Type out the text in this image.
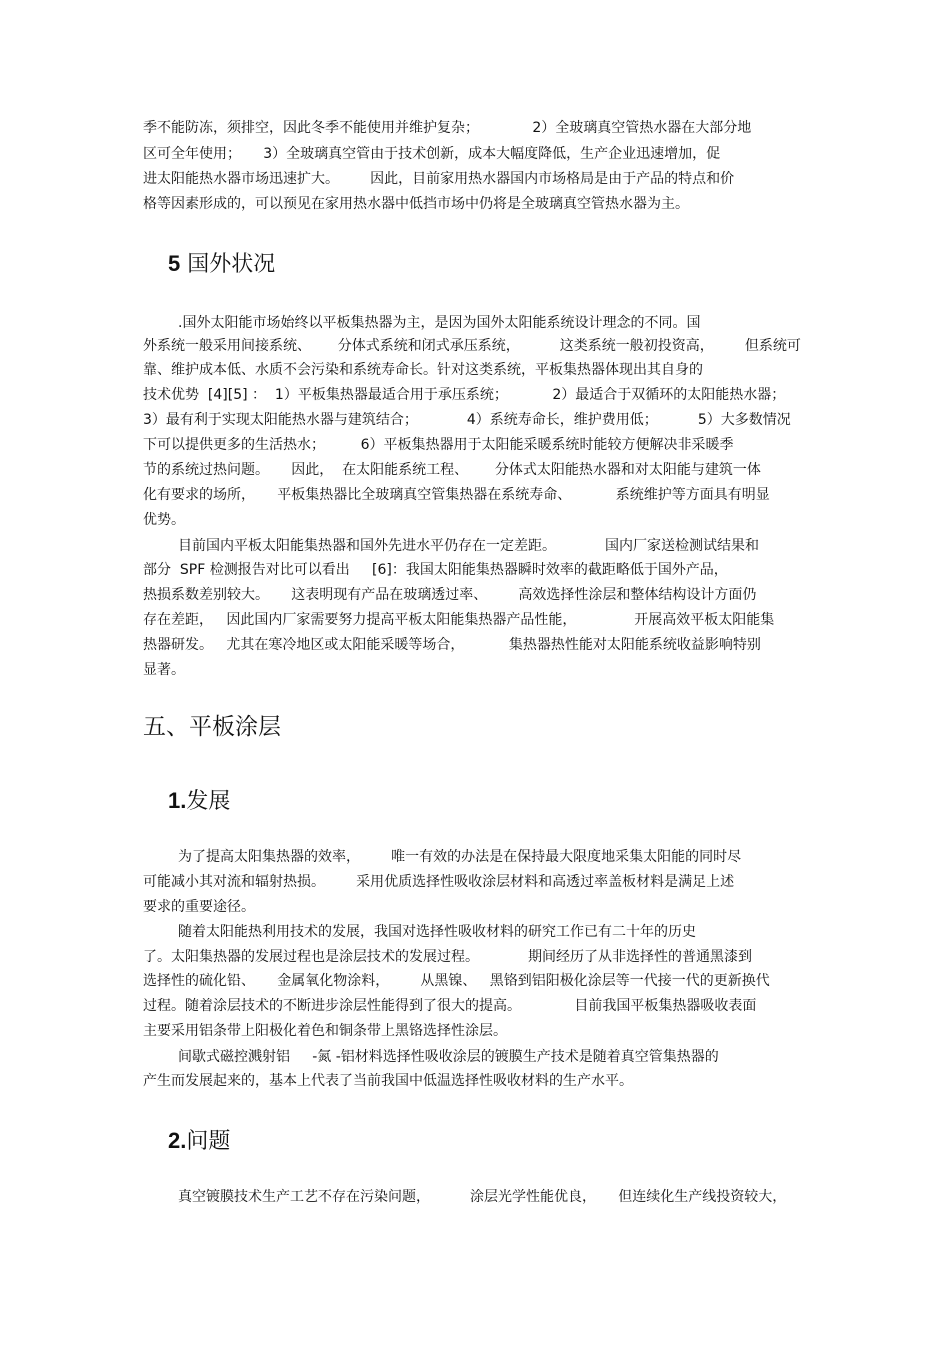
季不能防冻，须排空，因此冬季不能使用并维护复杂；            2）全玻璃真空管热水器在大部分地
区可全年使用；     3）全玻璃真空管由于技术创新，成本大幅度降低，生产企业迅速增加，促
进太阳能热水器市场迅速扩大。       因此，目前家用热水器国内市场格局是由于产品的特点和价
格等因素形成的，可以预见在家用热水器中低挡市场中仍将是全玻璃真空管热水器为主。
5 国外状况
.国外太阳能市场始终以平板集热器为主，是因为国外太阳能系统设计理念的不同。国
外系统一般采用间接系统、      分体式系统和闭式承压系统，         这类系统一般初投资高，       但系统可
靠、维护成本低、水质不会污染和系统寿命长。针对这类系统，平板集热器体现出其自身的
技术优势  [4][5] ：  1）平板集热器最适合用于承压系统；          2）最适合于双循环的太阳能热水器；
3）最有利于实现太阳能热水器与建筑结合；           4）系统寿命长，维护费用低；         5）大多数情况
下可以提供更多的生活热水；        6）平板集热器用于太阳能采暖系统时能较方便解决非采暖季
节的系统过热问题。     因此，  在太阳能系统工程、      分体式太阳能热水器和对太阳能与建筑一体
化有要求的场所，     平板集热器比全玻璃真空管集热器在系统寿命、          系统维护等方面具有明显
优势。
目前国内平板太阳能集热器和国外先进水平仍存在一定差距。           国内厂家送检测试结果和
部分  SPF 检测报告对比可以看出     [6]：我国太阳能集热器瞬时效率的截距略低于国外产品，
热损系数差别较大。     这表明现有产品在玻璃透过率、       高效选择性涂层和整体结构设计方面仍
存在差距，   因此国内厂家需要努力提高平板太阳能集热器产品性能，             开展高效平板太阳能集
热器研发。   尤其在寒冷地区或太阳能采暖等场合，          集热器热性能对太阳能系统收益影响特别
显著。
五、平板涂层
1.发展
为了提高太阳集热器的效率，       唯一有效的办法是在保持最大限度地采集太阳能的同时尽
可能减小其对流和辐射热损。       采用优质选择性吸收涂层材料和高透过率盖板材料是满足上述
要求的重要途径。
随着太阳能热利用技术的发展，我国对选择性吸收材料的研究工作已有二十年的历史
了。太阳集热器的发展过程也是涂层技术的发展过程。           期间经历了从非选择性的普通黑漆到
选择性的硫化铅、     金属氧化物涂料，       从黑镍、   黑铬到铝阳极化涂层等一代接一代的更新换代
过程。随着涂层技术的不断进步涂层性能得到了很大的提高。            目前我国平板集热器吸收表面
主要采用铝条带上阳极化着色和铜条带上黑铬选择性涂层。
间歇式磁控溅射铝     -氮 -铝材料选择性吸收涂层的镀膜生产技术是随着真空管集热器的
产生而发展起来的，基本上代表了当前我国中低温选择性吸收材料的生产水平。
2.问题
真空镀膜技术生产工艺不存在污染问题，         涂层光学性能优良，     但连续化生产线投资较大，
